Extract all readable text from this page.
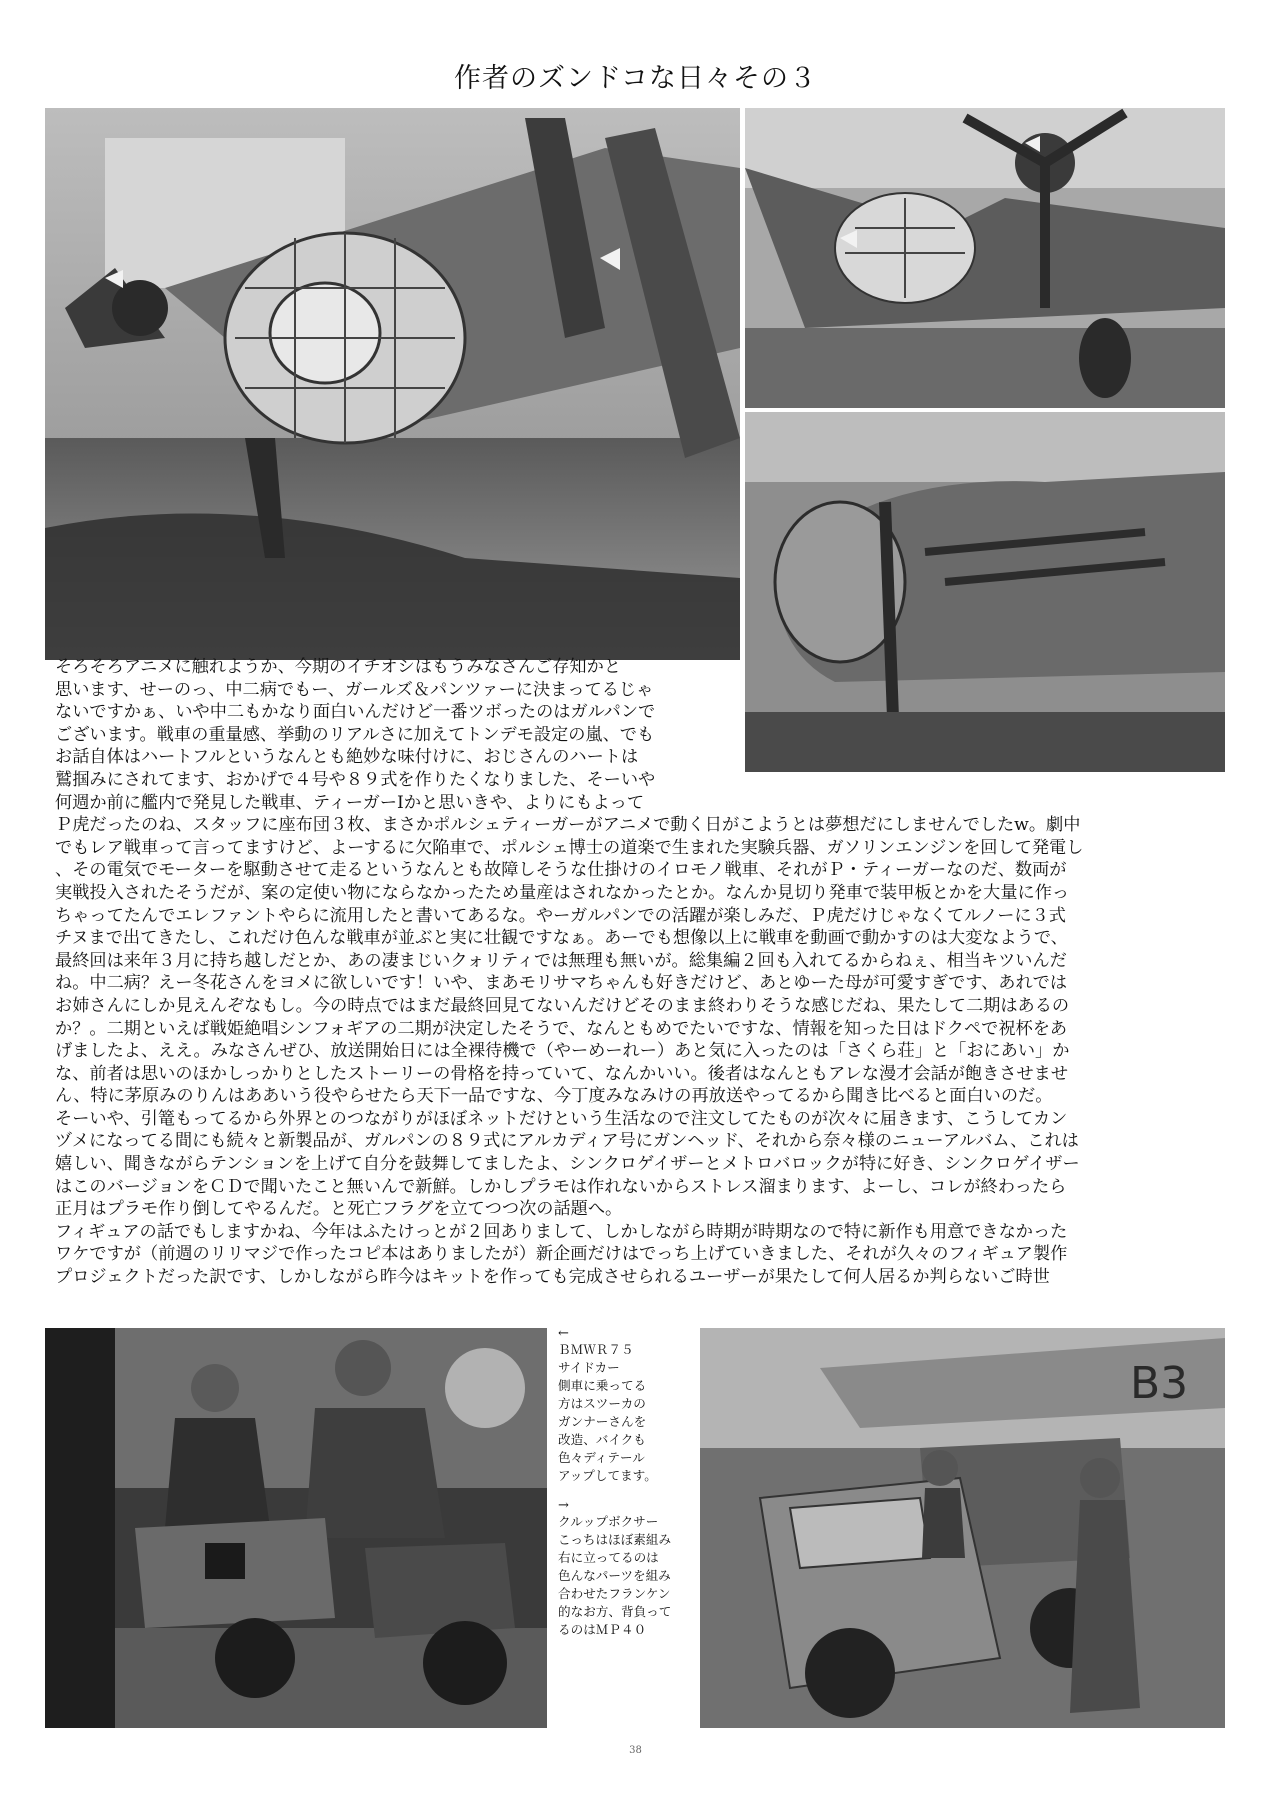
作者のズンドコな日々その３
B3
そろそろアニメに触れようか、今期のイチオシはもうみなさんご存知かと
思います、せーのっ、中二病でもー、ガールズ＆パンツァーに決まってるじゃ
ないですかぁ、いや中二もかなり面白いんだけど一番ツボったのはガルパンで
ございます。戦車の重量感、挙動のリアルさに加えてトンデモ設定の嵐、でも
お話自体はハートフルというなんとも絶妙な味付けに、おじさんのハートは
鷲掴みにされてます、おかげで４号や８９式を作りたくなりました、そーいや
何週か前に艦内で発見した戦車、ティーガーⅠかと思いきや、よりにもよって
Ｐ虎だったのね、スタッフに座布団３枚、まさかポルシェティーガーがアニメで動く日がこようとは夢想だにしませんでしたw。劇中
でもレア戦車って言ってますけど、よーするに欠陥車で、ポルシェ博士の道楽で生まれた実験兵器、ガソリンエンジンを回して発電し
、その電気でモーターを駆動させて走るというなんとも故障しそうな仕掛けのイロモノ戦車、それがＰ・ティーガーなのだ、数両が
実戦投入されたそうだが、案の定使い物にならなかったため量産はされなかったとか。なんか見切り発車で装甲板とかを大量に作っ
ちゃってたんでエレファントやらに流用したと書いてあるな。やーガルパンでの活躍が楽しみだ、Ｐ虎だけじゃなくてルノーに３式
チヌまで出てきたし、これだけ色んな戦車が並ぶと実に壮観ですなぁ。あーでも想像以上に戦車を動画で動かすのは大変なようで、
最終回は来年３月に持ち越しだとか、あの凄まじいクォリティでは無理も無いが。総集編２回も入れてるからねぇ、相当キツいんだ
ね。中二病？えー冬花さんをヨメに欲しいです！いや、まあモリサマちゃんも好きだけど、あとゆーた母が可愛すぎです、あれでは
お姉さんにしか見えんぞなもし。今の時点ではまだ最終回見てないんだけどそのまま終わりそうな感じだね、果たして二期はあるの
か？。二期といえば戦姫絶唱シンフォギアの二期が決定したそうで、なんともめでたいですな、情報を知った日はドクペで祝杯をあ
げましたよ、ええ。みなさんぜひ、放送開始日には全裸待機で（やーめーれー）あと気に入ったのは「さくら荘」と「おにあい」か
な、前者は思いのほかしっかりとしたストーリーの骨格を持っていて、なんかいい。後者はなんともアレな漫才会話が飽きさせませ
ん、特に茅原みのりんはああいう役やらせたら天下一品ですな、今丁度みなみけの再放送やってるから聞き比べると面白いのだ。
そーいや、引篭もってるから外界とのつながりがほぼネットだけという生活なので注文してたものが次々に届きます、こうしてカン
ヅメになってる間にも続々と新製品が、ガルパンの８９式にアルカディア号にガンヘッド、それから奈々様のニューアルバム、これは
嬉しい、聞きながらテンションを上げて自分を鼓舞してましたよ、シンクロゲイザーとメトロバロックが特に好き、シンクロゲイザー
はこのバージョンをＣＤで聞いたこと無いんで新鮮。しかしプラモは作れないからストレス溜まります、よーし、コレが終わったら
正月はプラモ作り倒してやるんだ。と死亡フラグを立てつつ次の話題へ。
フィギュアの話でもしますかね、今年はふたけっとが２回ありまして、しかしながら時期が時期なので特に新作も用意できなかった
ワケですが（前週のリリマジで作ったコピ本はありましたが）新企画だけはでっち上げていきました、それが久々のフィギュア製作
プロジェクトだった訳です、しかしながら昨今はキットを作っても完成させられるユーザーが果たして何人居るか判らないご時世
←
ＢＭＷＲ７５
サイドカー
側車に乗ってる
方はスツーカの
ガンナーさんを
改造、バイクも
色々ディテール
アップしてます。
→
クルップボクサー
こっちはほぼ素組み
右に立ってるのは
色んなパーツを組み
合わせたフランケン
的なお方、背負って
るのはＭＰ４０
38
